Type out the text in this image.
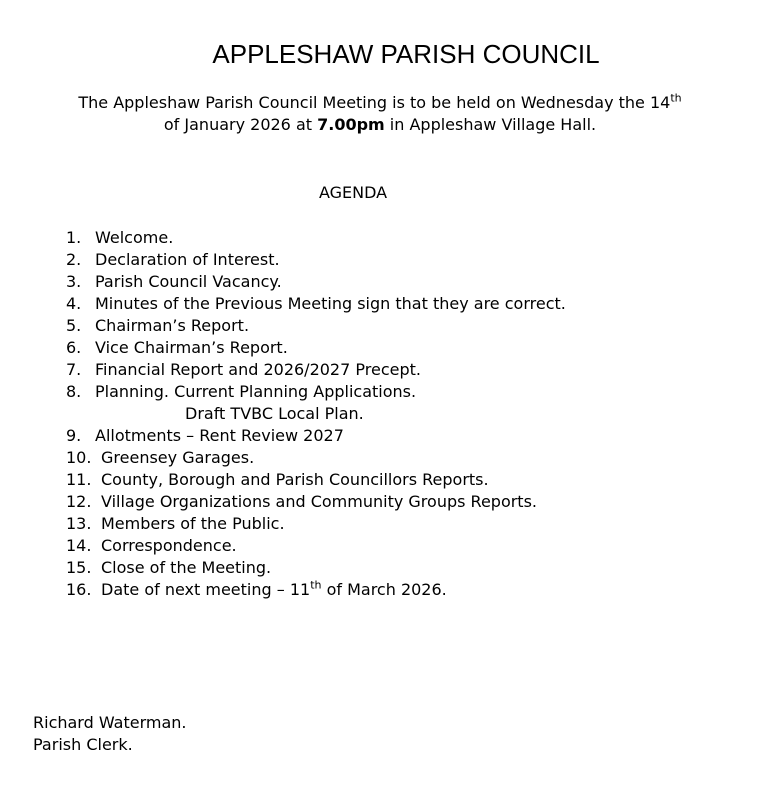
APPLESHAW PARISH COUNCIL
The Appleshaw Parish Council Meeting is to be held on Wednesday the 14th
of January 2026 at 7.00pm in Appleshaw Village Hall.
AGENDA
1. Welcome.
2. Declaration of Interest.
3. Parish Council Vacancy.
4. Minutes of the Previous Meeting sign that they are correct.
5. Chairman’s Report.
6. Vice Chairman’s Report.
7. Financial Report and 2026/2027 Precept.
8. Planning. Current Planning Applications.
Draft TVBC Local Plan.
9. Allotments – Rent Review 2027
10. Greensey Garages.
11. County, Borough and Parish Councillors Reports.
12. Village Organizations and Community Groups Reports.
13. Members of the Public.
14. Correspondence.
15. Close of the Meeting.
16. Date of next meeting – 11th of March 2026.
Richard Waterman.
Parish Clerk.
